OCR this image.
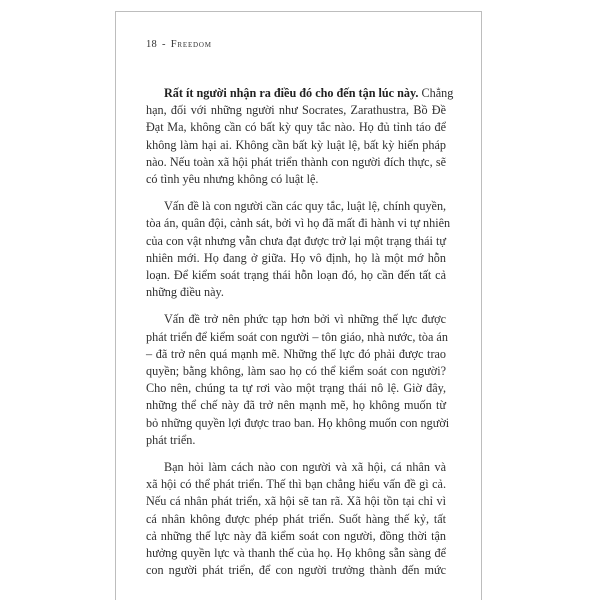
18 - Freedom

Rất ít người nhận ra điều đó cho đến tận lúc này. Chẳng
hạn, đối với những người như Socrates, Zarathustra, Bồ Đề
Đạt Ma, không cần có bất kỳ quy tắc nào. Họ đủ tỉnh táo để
không làm hại ai. Không cần bất kỳ luật lệ, bất kỳ hiến pháp
nào. Nếu toàn xã hội phát triển thành con người đích thực, sẽ
có tình yêu nhưng không có luật lệ.

Vấn đề là con người cần các quy tắc, luật lệ, chính quyền,
tòa án, quân đội, cảnh sát, bởi vì họ đã mất đi hành vi tự nhiên
của con vật nhưng vẫn chưa đạt được trở lại một trạng thái tự
nhiên mới. Họ đang ở giữa. Họ vô định, họ là một mớ hỗn
loạn. Để kiểm soát trạng thái hỗn loạn đó, họ cần đến tất cả
những điều này.

Vấn đề trở nên phức tạp hơn bởi vì những thế lực được
phát triển để kiểm soát con người – tôn giáo, nhà nước, tòa án
– đã trở nên quá mạnh mẽ. Những thế lực đó phải được trao
quyền; bằng không, làm sao họ có thể kiểm soát con người?
Cho nên, chúng ta tự rơi vào một trạng thái nô lệ. Giờ đây,
những thể chế này đã trở nên mạnh mẽ, họ không muốn từ
bỏ những quyền lợi được trao ban. Họ không muốn con người
phát triển.

Bạn hỏi làm cách nào con người và xã hội, cá nhân và
xã hội có thể phát triển. Thế thì bạn chẳng hiểu vấn đề gì cả.
Nếu cá nhân phát triển, xã hội sẽ tan rã. Xã hội tồn tại chỉ vì
cá nhân không được phép phát triển. Suốt hàng thế kỷ, tất
cả những thế lực này đã kiểm soát con người, đồng thời tận
hưởng quyền lực và thanh thế của họ. Họ không sẵn sàng để
con người phát triển, để con người trưởng thành đến mức
